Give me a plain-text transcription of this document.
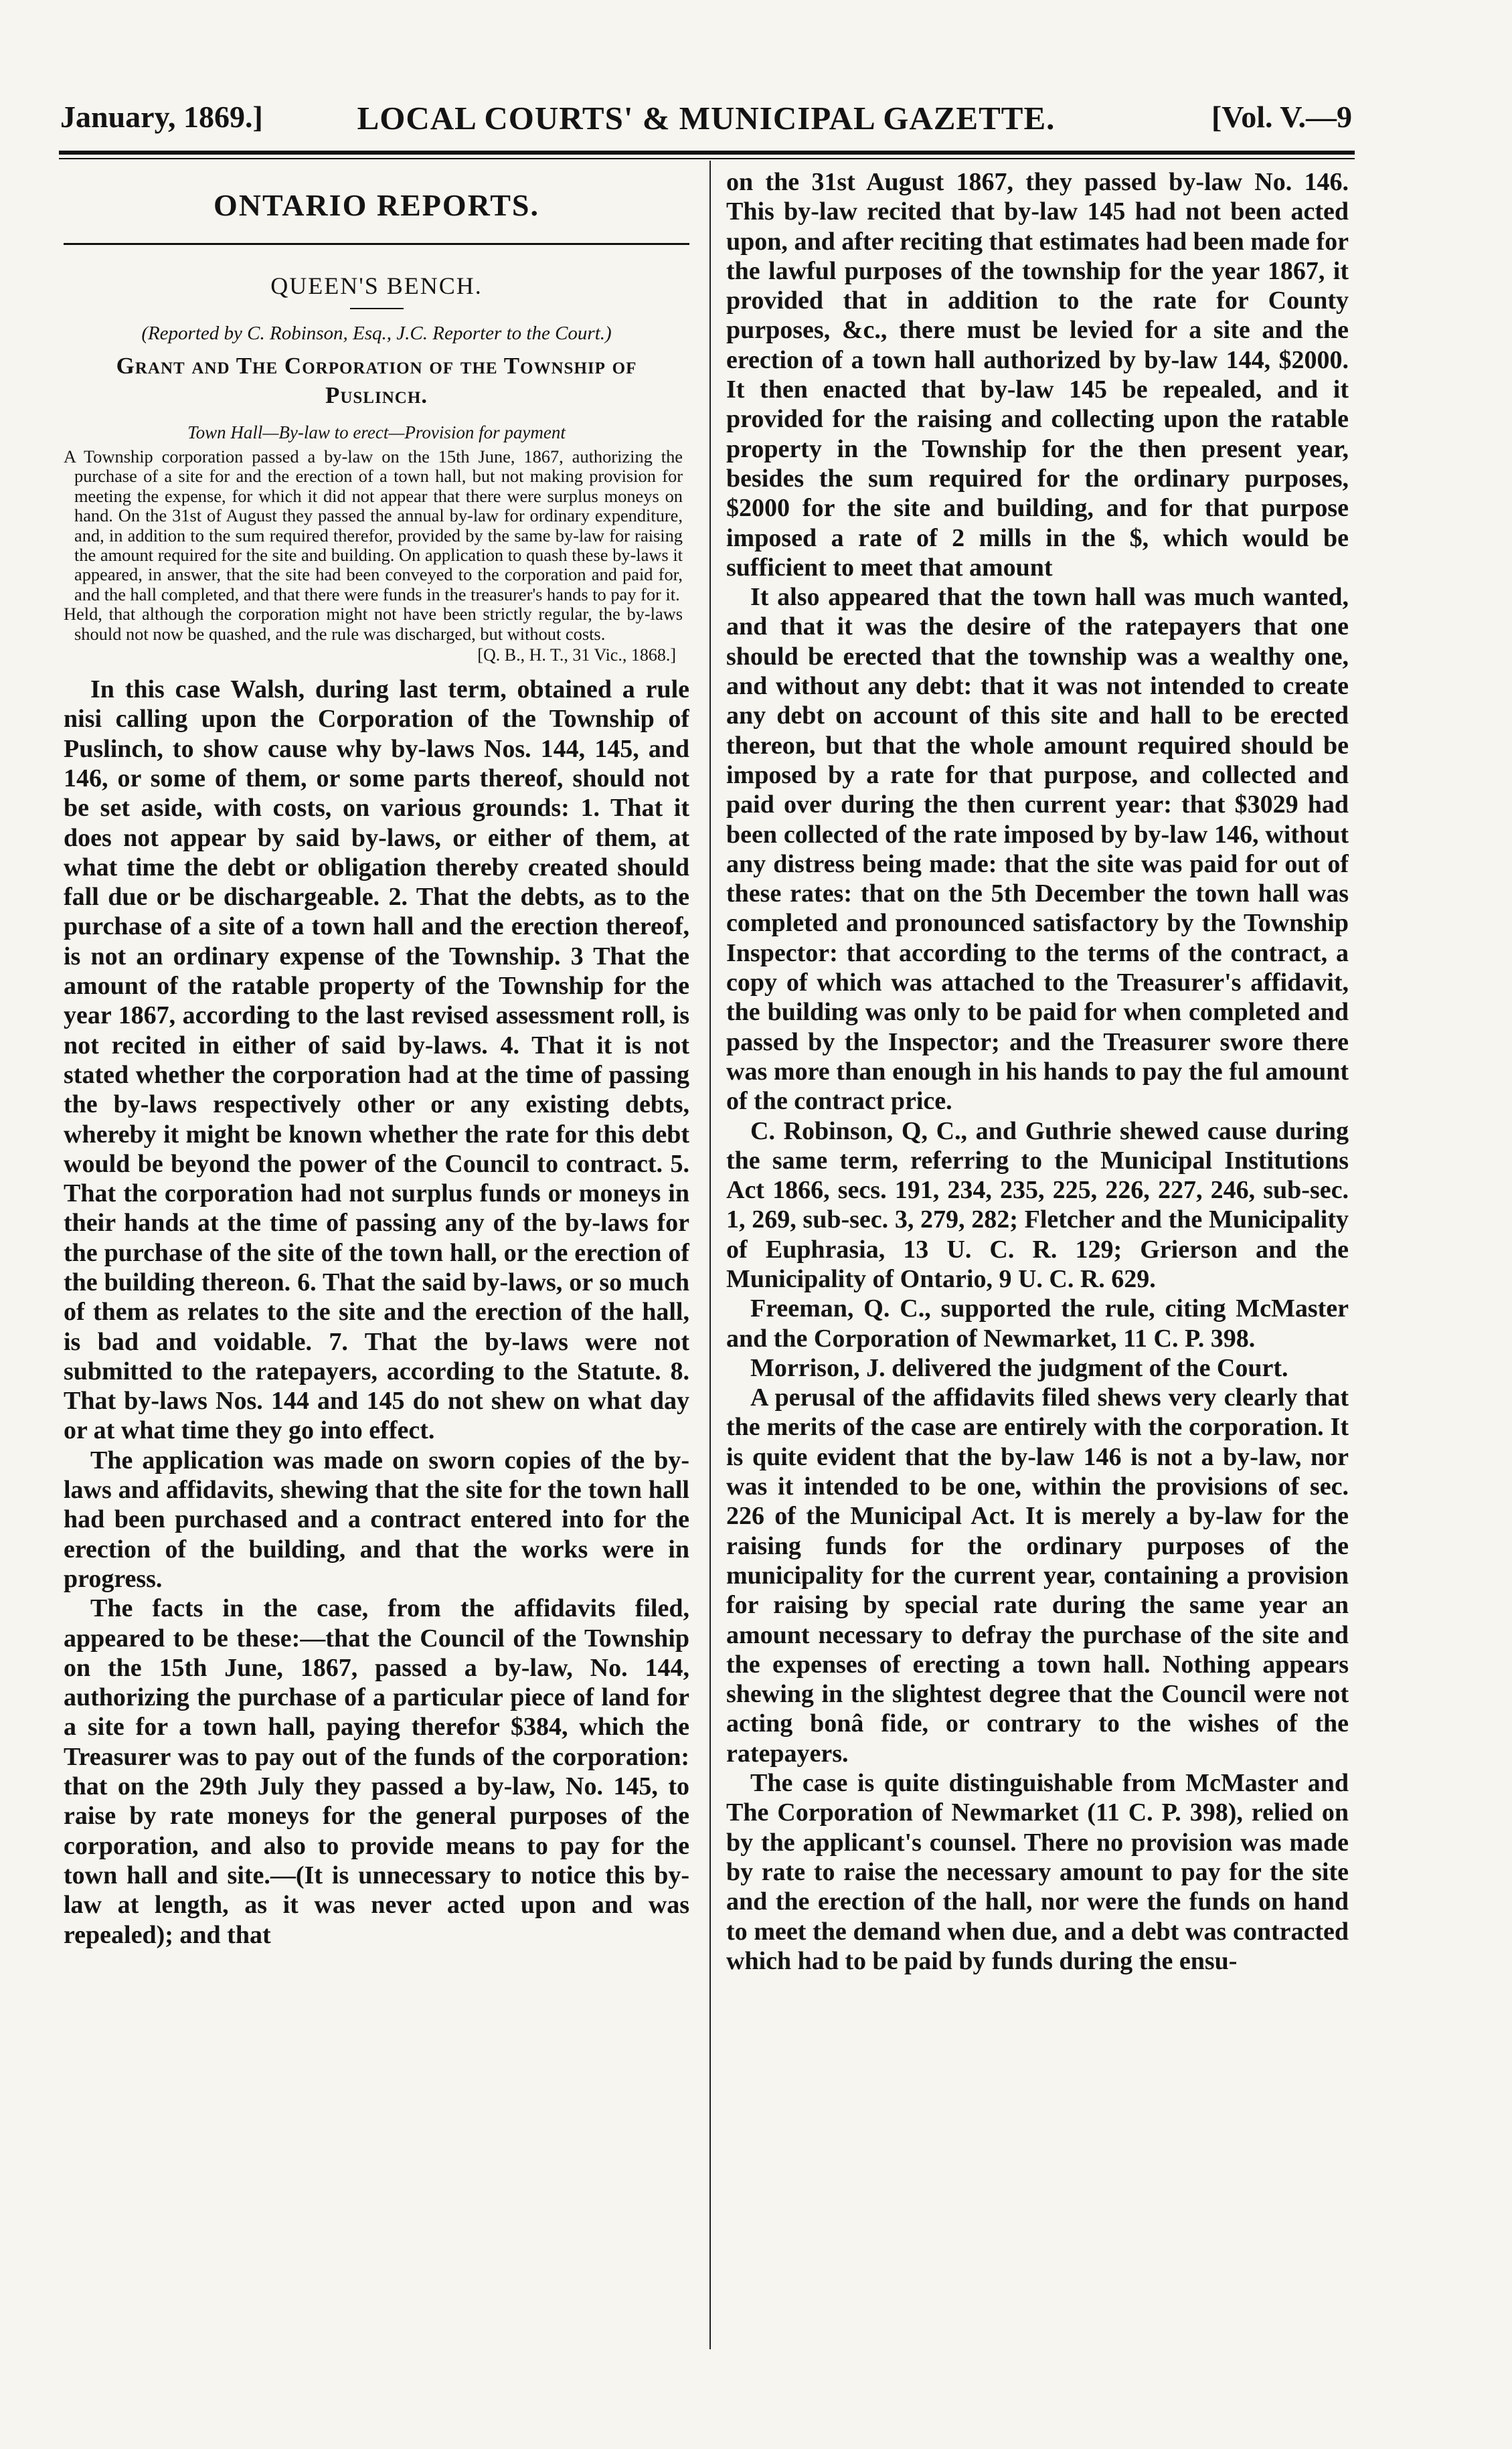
January, 1869.]	LOCAL COURTS' & MUNICIPAL GAZETTE.	[Vol. V.—9
ONTARIO REPORTS.
QUEEN'S BENCH.
(Reported by C. Robinson, Esq., J.C. Reporter to the Court.)
Grant and The Corporation of the Township of Puslinch.
Town Hall—By-law to erect—Provision for payment

A Township corporation passed a by-law on the 15th June, 1867, authorizing the purchase of a site for and the erection of a town hall, but not making provision for meeting the expense, for which it did not appear that there were surplus moneys on hand. On the 31st of August they passed the annual by-law for ordinary expenditure, and, in addition to the sum required therefor, provided by the same by-law for raising the amount required for the site and building. On application to quash these by-laws it appeared, in answer, that the site had been conveyed to the corporation and paid for, and the hall completed, and that there were funds in the treasurer's hands to pay for it.

Held, that although the corporation might not have been strictly regular, the by-laws should not now be quashed, and the rule was discharged, but without costs.

[Q. B., H. T., 31 Vic., 1868.]

In this case Walsh, during last term, obtained a rule nisi calling upon the Corporation of the Township of Puslinch, to show cause why by-laws Nos. 144, 145, and 146, or some of them, or some parts thereof, should not be set aside, with costs, on various grounds: 1. That it does not appear by said by-laws, or either of them, at what time the debt or obligation thereby created should fall due or be dischargeable. 2. That the debts, as to the purchase of a site of a town hall and the erection thereof, is not an ordinary expense of the Township. 3 That the amount of the ratable property of the Township for the year 1867, according to the last revised assessment roll, is not recited in either of said by-laws. 4. That it is not stated whether the corporation had at the time of passing the by-laws respectively other or any existing debts, whereby it might be known whether the rate for this debt would be beyond the power of the Council to contract. 5. That the corporation had not surplus funds or moneys in their hands at the time of passing any of the by-laws for the purchase of the site of the town hall, or the erection of the building thereon. 6. That the said by-laws, or so much of them as relates to the site and the erection of the hall, is bad and voidable. 7. That the by-laws were not submitted to the ratepayers, according to the Statute. 8. That by-laws Nos. 144 and 145 do not shew on what day or at what time they go into effect.

The application was made on sworn copies of the by-laws and affidavits, shewing that the site for the town hall had been purchased and a contract entered into for the erection of the building, and that the works were in progress.

The facts in the case, from the affidavits filed, appeared to be these:—that the Council of the Township on the 15th June, 1867, passed a by-law, No. 144, authorizing the purchase of a particular piece of land for a site for a town hall, paying therefor $384, which the Treasurer was to pay out of the funds of the corporation: that on the 29th July they passed a by-law, No. 145, to raise by rate moneys for the general purposes of the corporation, and also to provide means to pay for the town hall and site.—(It is unnecessary to notice this by-law at length, as it was never acted upon and was repealed); and that

on the 31st August 1867, they passed by-law No. 146. This by-law recited that by-law 145 had not been acted upon, and after reciting that estimates had been made for the lawful purposes of the township for the year 1867, it provided that in addition to the rate for County purposes, &c., there must be levied for a site and the erection of a town hall authorized by by-law 144, $2000. It then enacted that by-law 145 be repealed, and it provided for the raising and collecting upon the ratable property in the Township for the then present year, besides the sum required for the ordinary purposes, $2000 for the site and building, and for that purpose imposed a rate of 2 mills in the $, which would be sufficient to meet that amount

It also appeared that the town hall was much wanted, and that it was the desire of the ratepayers that one should be erected that the township was a wealthy one, and without any debt: that it was not intended to create any debt on account of this site and hall to be erected thereon, but that the whole amount required should be imposed by a rate for that purpose, and collected and paid over during the then current year: that $3029 had been collected of the rate imposed by by-law 146, without any distress being made: that the site was paid for out of these rates: that on the 5th December the town hall was completed and pronounced satisfactory by the Township Inspector: that according to the terms of the contract, a copy of which was attached to the Treasurer's affidavit, the building was only to be paid for when completed and passed by the Inspector; and the Treasurer swore there was more than enough in his hands to pay the ful amount of the contract price.

C. Robinson, Q, C., and Guthrie shewed cause during the same term, referring to the Municipal Institutions Act 1866, secs. 191, 234, 235, 225, 226, 227, 246, sub-sec. 1, 269, sub-sec. 3, 279, 282; Fletcher and the Municipality of Euphrasia, 13 U. C. R. 129; Grierson and the Municipality of Ontario, 9 U. C. R. 629.

Freeman, Q. C., supported the rule, citing McMaster and the Corporation of Newmarket, 11 C. P. 398.

Morrison, J. delivered the judgment of the Court.

A perusal of the affidavits filed shews very clearly that the merits of the case are entirely with the corporation. It is quite evident that the by-law 146 is not a by-law, nor was it intended to be one, within the provisions of sec. 226 of the Municipal Act. It is merely a by-law for the raising funds for the ordinary purposes of the municipality for the current year, containing a provision for raising by special rate during the same year an amount necessary to defray the purchase of the site and the expenses of erecting a town hall. Nothing appears shewing in the slightest degree that the Council were not acting bonâ fide, or contrary to the wishes of the ratepayers.

The case is quite distinguishable from McMaster and The Corporation of Newmarket (11 C. P. 398), relied on by the applicant's counsel. There no provision was made by rate to raise the necessary amount to pay for the site and the erection of the hall, nor were the funds on hand to meet the demand when due, and a debt was contracted which had to be paid by funds during the ensu-
